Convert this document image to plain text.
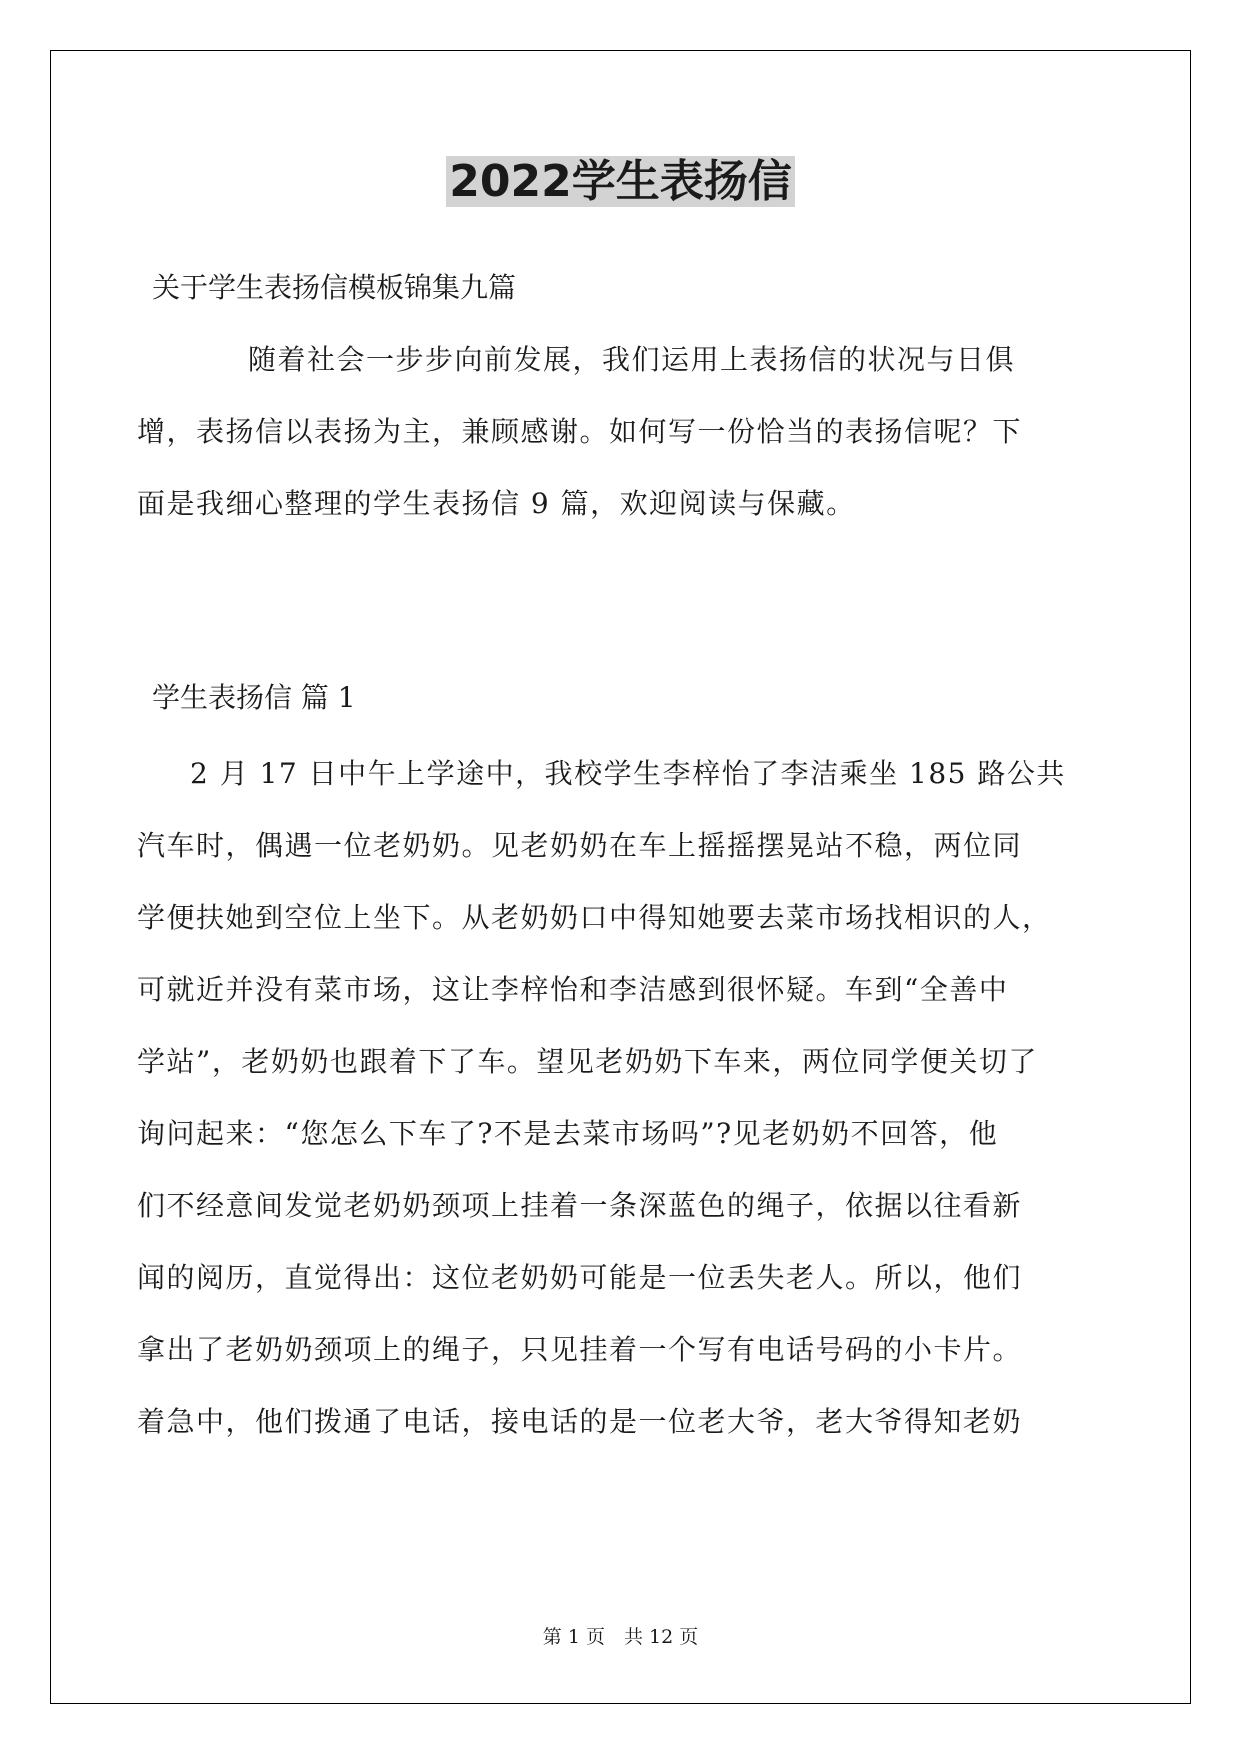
2022学生表扬信
关于学生表扬信模板锦集九篇
随着社会一步步向前发展，我们运用上表扬信的状况与日俱
增，表扬信以表扬为主，兼顾感谢。如何写一份恰当的表扬信呢？下
面是我细心整理的学生表扬信 9 篇，欢迎阅读与保藏。
学生表扬信 篇 1
2 月 17 日中午上学途中，我校学生李梓怡了李洁乘坐 185 路公共
汽车时，偶遇一位老奶奶。见老奶奶在车上摇摇摆晃站不稳，两位同
学便扶她到空位上坐下。从老奶奶口中得知她要去菜市场找相识的人，
可就近并没有菜市场，这让李梓怡和李洁感到很怀疑。车到“全善中
学站”，老奶奶也跟着下了车。望见老奶奶下车来，两位同学便关切了
询问起来：“您怎么下车了?不是去菜市场吗”?见老奶奶不回答，他
们不经意间发觉老奶奶颈项上挂着一条深蓝色的绳子，依据以往看新
闻的阅历，直觉得出：这位老奶奶可能是一位丢失老人。所以，他们
拿出了老奶奶颈项上的绳子，只见挂着一个写有电话号码的小卡片。
着急中，他们拨通了电话，接电话的是一位老大爷，老大爷得知老奶
第 1 页　共 12 页
